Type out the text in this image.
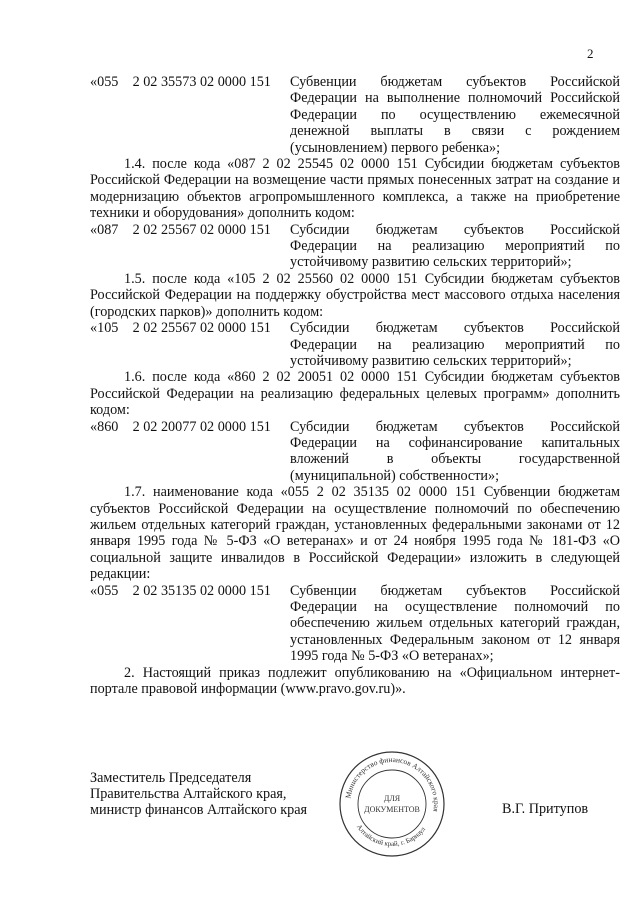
2
«055    2 02 35573 02 0000 151	Субвенции бюджетам субъектов Российской Федерации на выполнение полномочий Российской Федерации по осуществлению ежемесячной денежной выплаты в связи с рождением (усыновлением) первого ребенка»;
1.4. после кода «087 2 02 25545 02 0000 151 Субсидии бюджетам субъектов Российской Федерации на возмещение части прямых понесенных затрат на создание и модернизацию объектов агропромышленного комплекса, а также на приобретение техники и оборудования» дополнить кодом:
«087    2 02 25567 02 0000 151	Субсидии бюджетам субъектов Российской Федерации на реализацию мероприятий по устойчивому развитию сельских территорий»;
1.5. после кода «105 2 02 25560 02 0000 151 Субсидии бюджетам субъектов Российской Федерации на поддержку обустройства мест массового отдыха населения (городских парков)» дополнить кодом:
«105    2 02 25567 02 0000 151	Субсидии бюджетам субъектов Российской Федерации на реализацию мероприятий по устойчивому развитию сельских территорий»;
1.6. после кода «860 2 02 20051 02 0000 151 Субсидии бюджетам субъектов Российской Федерации на реализацию федеральных целевых программ» дополнить кодом:
«860    2 02 20077 02 0000 151	Субсидии бюджетам субъектов Российской Федерации на софинансирование капитальных вложений в объекты государственной (муниципальной) собственности»;
1.7. наименование кода «055 2 02 35135 02 0000 151 Субвенции бюджетам субъектов Российской Федерации на осуществление полномочий по обеспечению жильем отдельных категорий граждан, установленных федеральными законами от 12 января 1995 года № 5-ФЗ «О ветеранах» и от 24 ноября 1995 года № 181-ФЗ «О социальной защите инвалидов в Российской Федерации» изложить в следующей редакции:
«055    2 02 35135 02 0000 151	Субвенции бюджетам субъектов Российской Федерации на осуществление полномочий по обеспечению жильем отдельных категорий граждан, установленных Федеральным законом от 12 января 1995 года № 5-ФЗ «О ветеранах»;
2. Настоящий приказ подлежит опубликованию на «Официальном интернет-портале правовой информации (www.pravo.gov.ru)».
Заместитель Председателя
Правительства Алтайского края,
министр финансов Алтайского края	В.Г. Притупов
Министерство финансов Алтайского края
Алтайский край, г. Барнаул
ДЛЯ
ДОКУМЕНТОВ
